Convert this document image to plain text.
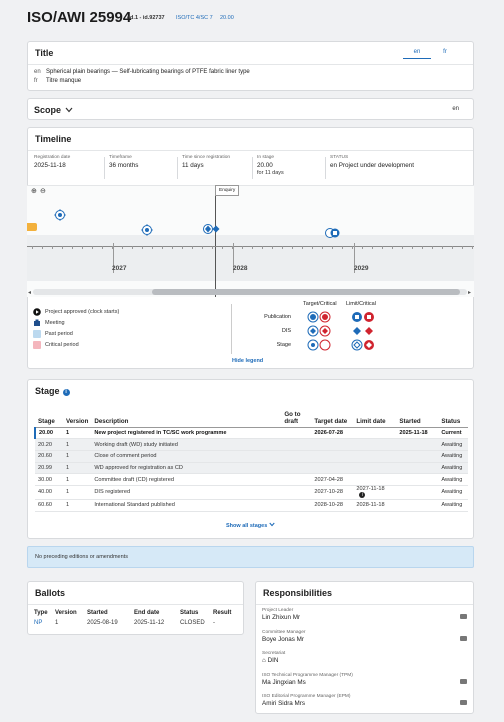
ISO/AWI 25994
ed.1 - id.92737 ISO/TC 4/SC 7 20.00
Title	en	fr
en Spherical plain bearings — Self-lubricating bearings of PTFE fabric liner type
fr Titre manque
Scope	en
Timeline
Registration date
2025-11-18
Timeframe
36 months
Time since registration
11 days
In stage
20.00
for 11 days
STATUS
en Project under development
⊕ ⊖	Enquiry
2027	2028	2029
◂	▸
Project approved (clock starts)
Meeting
Past period
Critical period
Target/Critical Limit/Critical
Publication
DIS
Stage
Hide legend
Stage i
Stage	Version	Description	Go to draft	Target date	Limit date	Started	Status
20.00	1	New project registered in TC/SC work programme		2026-07-28		2025-11-18	Current
20.20	1	Working draft (WD) study initiated					Awaiting
20.60	1	Close of comment period					Awaiting
20.99	1	WD approved for registration as CD					Awaiting
30.00	1	Committee draft (CD) registered		2027-04-28			Awaiting
40.00	1	DIS registered		2027-10-28	2027-11-18i		Awaiting
60.60	1	International Standard published		2028-10-28	2028-11-18		Awaiting
Show all stages
No preceding editions or amendments
Ballots
Type Version Started	End date	Status Result
NP 1	2025-08-19	2025-11-12	CLOSED -
Responsibilities
Project Leader
Lin Zhixun Mr
Committee Manager
Boye Jonas Mr
Secretariat
⌂ DIN
ISO Technical Programme Manager (TPM)
Ma Jingxian Ms
ISO Editorial Programme Manager (EPM)
Amiri Sidra Mrs
